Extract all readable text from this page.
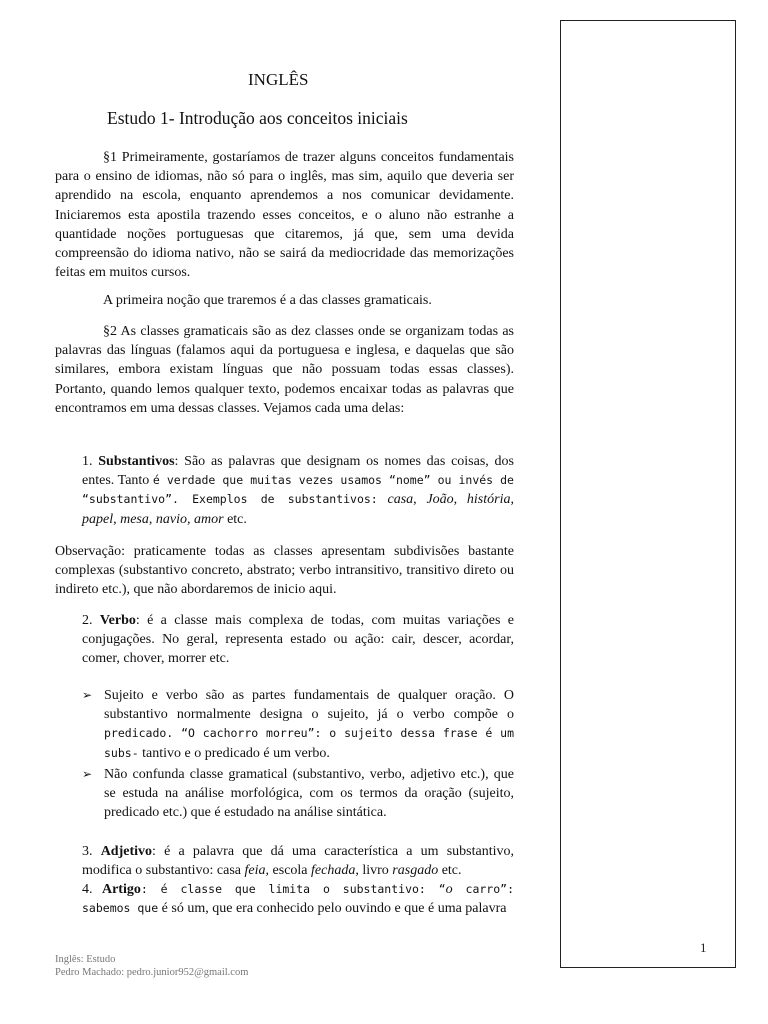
1
INGLÊS
Estudo 1- Introdução aos conceitos iniciais

§1 Primeiramente, gostaríamos de trazer alguns conceitos fundamentais para o ensino de idiomas, não só para o inglês, mas sim, aquilo que deveria ser aprendido na escola, enquanto aprendemos a nos comunicar devidamente. Iniciaremos esta apostila trazendo esses conceitos, e o aluno não estranhe a quantidade noções portuguesas que citaremos, já que, sem uma devida compreensão do idioma nativo, não se sairá da mediocridade das memorizações feitas em muitos cursos.

A primeira noção que traremos é a das classes gramaticais.

§2 As classes gramaticais são as dez classes onde se organizam todas as palavras das línguas (falamos aqui da portuguesa e inglesa, e daquelas que são similares, embora existam línguas que não possuam todas essas classes). Portanto, quando lemos qualquer texto, podemos encaixar todas as palavras que encontramos em uma dessas classes. Vejamos cada uma delas:

1. Substantivos: São as palavras que designam os nomes das coisas, dos entes. Tanto é verdade que muitas vezes usamos “nome” ou invés de “substantivo”. Exemplos de substantivos: casa, João, história, papel, mesa, navio, amor etc.

Observação: praticamente todas as classes apresentam subdivisões bastante complexas (substantivo concreto, abstrato; verbo intransitivo, transitivo direto ou indireto etc.), que não abordaremos de inicio aqui.

2. Verbo: é a classe mais complexa de todas, com muitas variações e conjugações. No geral, representa estado ou ação: cair, descer, acordar, comer, chover, morrer etc.

➢ Sujeito e verbo são as partes fundamentais de qualquer oração. O substantivo normalmente designa o sujeito, já o verbo compõe o predicado. “O cachorro morreu”: o sujeito dessa frase é um subs- tantivo e o predicado é um verbo.

➢ Não confunda classe gramatical (substantivo, verbo, adjetivo etc.), que se estuda na análise morfológica, com os termos da oração (sujeito, predicado etc.) que é estudado na análise sintática.

3. Adjetivo: é a palavra que dá uma característica a um substantivo, modifica o substantivo: casa feia, escola fechada, livro rasgado etc.

4. Artigo: é classe que limita o substantivo: “o carro”: sabemos que é só um, que era conhecido pelo ouvindo e que é uma palavra

Inglês: Estudo
Pedro Machado: pedro.junior952@gmail.com
